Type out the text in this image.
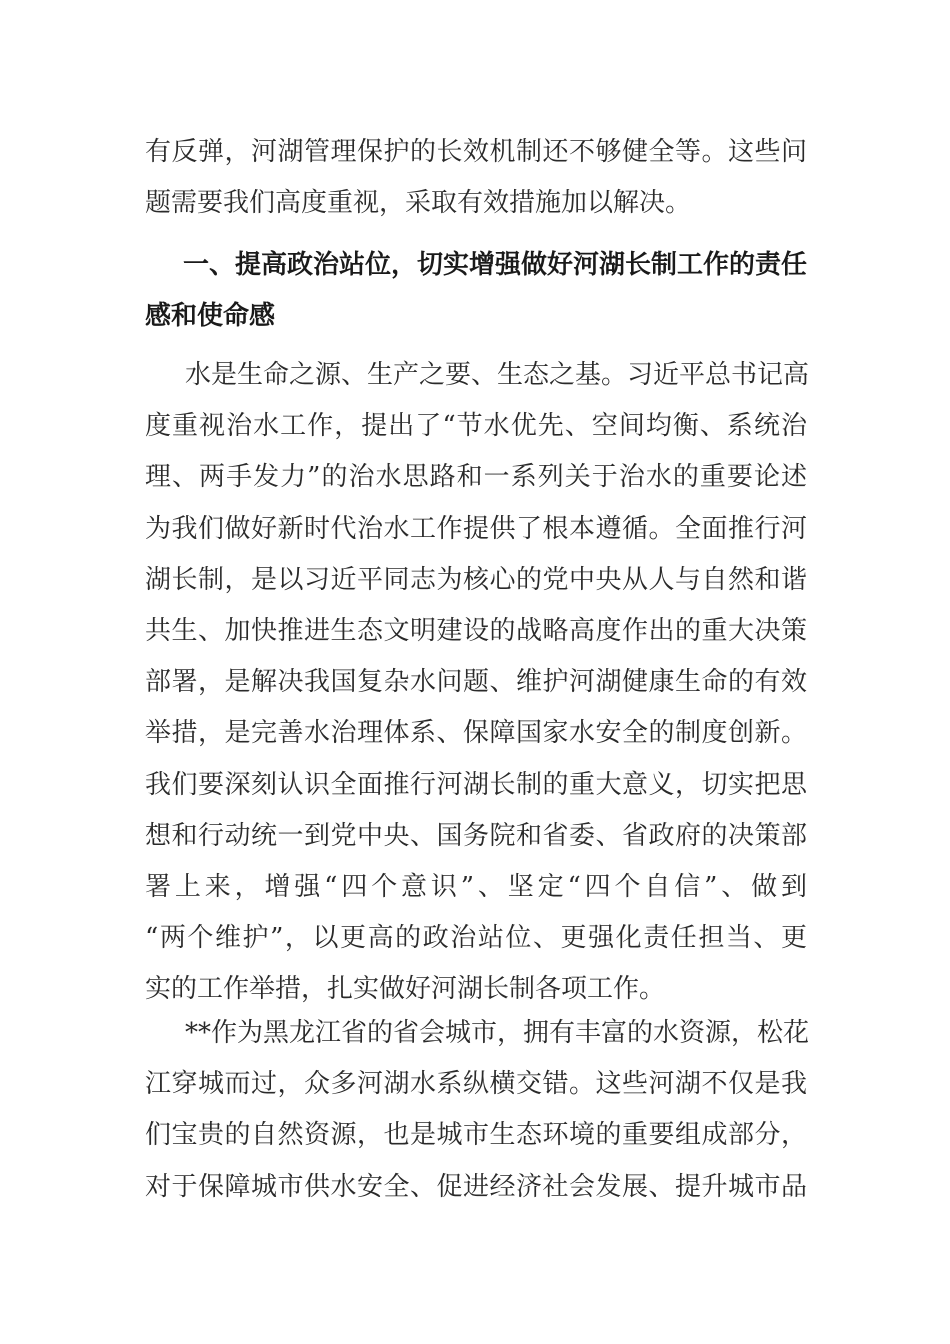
有反弹，河湖管理保护的长效机制还不够健全等。这些问
题需要我们高度重视，采取有效措施加以解决。
一、提高政治站位，切实增强做好河湖长制工作的责任
感和使命感
水是生命之源、生产之要、生态之基。习近平总书记高
度重视治水工作，提出了“节水优先、空间均衡、系统治
理、两手发力”的治水思路和一系列关于治水的重要论述
为我们做好新时代治水工作提供了根本遵循。全面推行河
湖长制，是以习近平同志为核心的党中央从人与自然和谐
共生、加快推进生态文明建设的战略高度作出的重大决策
部署，是解决我国复杂水问题、维护河湖健康生命的有效
举措，是完善水治理体系、保障国家水安全的制度创新。
我们要深刻认识全面推行河湖长制的重大意义，切实把思
想和行动统一到党中央、国务院和省委、省政府的决策部
署上来，增强“四个意识”、坚定“四个自信”、做到
“两个维护”，以更高的政治站位、更强化责任担当、更
实的工作举措，扎实做好河湖长制各项工作。
**作为黑龙江省的省会城市，拥有丰富的水资源，松花
江穿城而过，众多河湖水系纵横交错。这些河湖不仅是我
们宝贵的自然资源，也是城市生态环境的重要组成部分，
对于保障城市供水安全、促进经济社会发展、提升城市品
